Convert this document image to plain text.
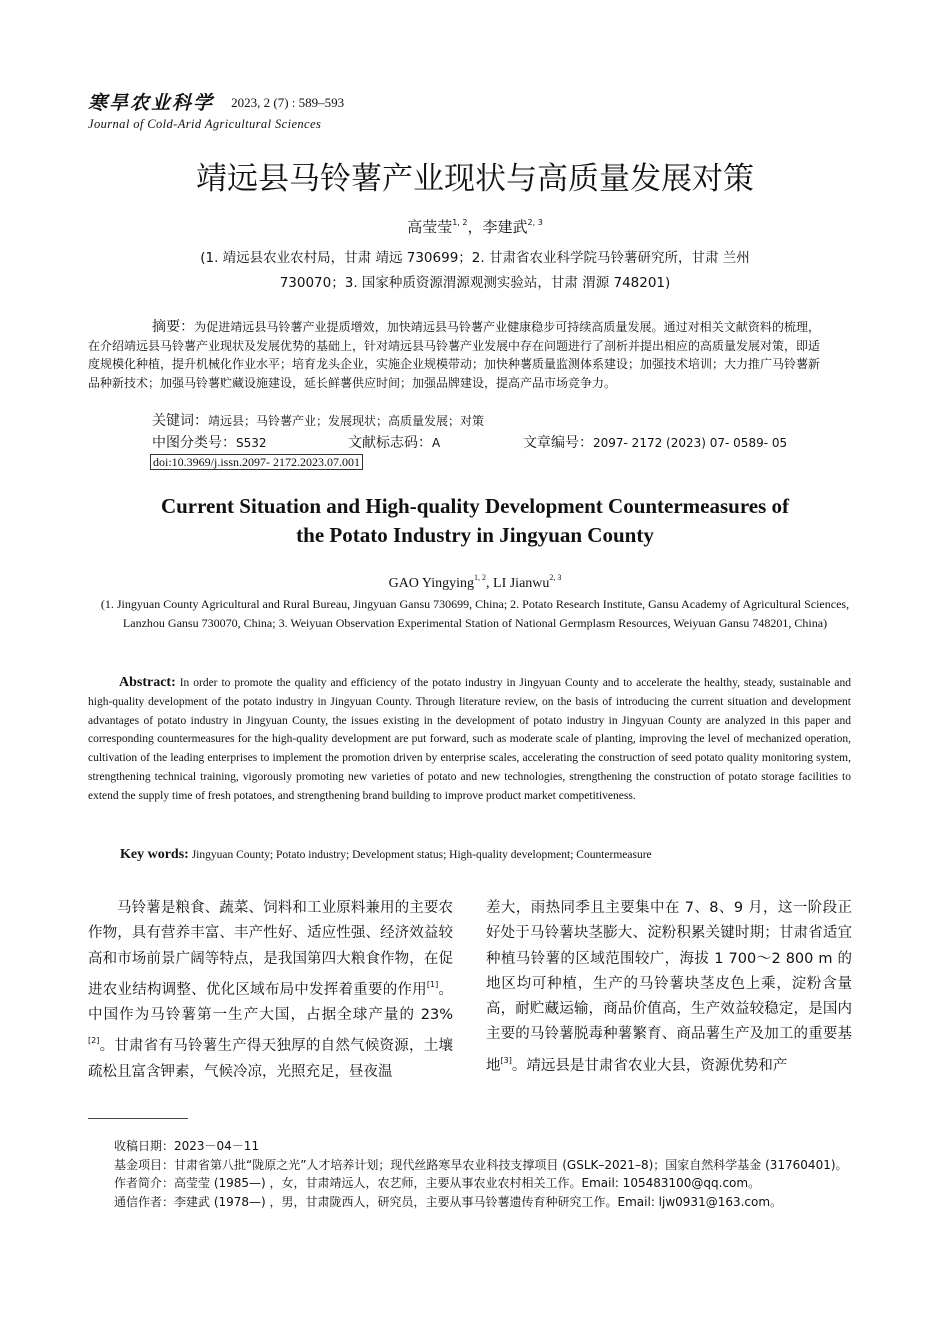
寒旱农业科学 2023, 2 (7) : 589–593
Journal of Cold-Arid Agricultural Sciences
靖远县马铃薯产业现状与高质量发展对策
高莹莹$^{1, 2}$，李建武$^{2, 3}$
(1. 靖远县农业农村局，甘肃 靖远 730699；2. 甘肃省农业科学院马铃薯研究所，甘肃 兰州
730070；3. 国家种质资源渭源观测实验站，甘肃 渭源 748201)
摘要：为促进靖远县马铃薯产业提质增效，加快靖远县马铃薯产业健康稳步可持续高质量发展。通过对相关文献资料的梳理，在介绍靖远县马铃薯产业现状及发展优势的基础上，针对靖远县马铃薯产业发展中存在问题进行了剖析并提出相应的高质量发展对策，即适度规模化种植，提升机械化作业水平；培育龙头企业，实施企业规模带动；加快种薯质量监测体系建设；加强技术培训；大力推广马铃薯新品种新技术；加强马铃薯贮藏设施建设，延长鲜薯供应时间；加强品牌建设，提高产品市场竞争力。
关键词：靖远县；马铃薯产业；发展现状；高质量发展；对策
中图分类号：S532	文献标志码：A	文章编号：2097- 2172 (2023) 07- 0589- 05
doi:10.3969/j.issn.2097- 2172.2023.07.001
Current Situation and High-quality Development Countermeasures of
the Potato Industry in Jingyuan County
GAO Yingying$^{1, 2}$, LI Jianwu$^{2, 3}$
(1. Jingyuan County Agricultural and Rural Bureau, Jingyuan Gansu 730699, China; 2. Potato Research Institute, Gansu Academy of Agricultural Sciences, Lanzhou Gansu 730070, China; 3. Weiyuan Observation Experimental Station of National Germplasm Resources, Weiyuan Gansu 748201, China)
Abstract: In order to promote the quality and efficiency of the potato industry in Jingyuan County and to accelerate the healthy, steady, sustainable and high-quality development of the potato industry in Jingyuan County. Through literature review, on the basis of introducing the current situation and development advantages of potato industry in Jingyuan County, the issues existing in the development of potato industry in Jingyuan County are analyzed in this paper and corresponding countermeasures for the high-quality development are put forward, such as moderate scale of planting, improving the level of mechanized operation, cultivation of the leading enterprises to implement the promotion driven by enterprise scales, accelerating the construction of seed potato quality monitoring system, strengthening technical training, vigorously promoting new varieties of potato and new technologies, strengthening the construction of potato storage facilities to extend the supply time of fresh potatoes, and strengthening brand building to improve product market competitiveness.
Key words: Jingyuan County; Potato industry; Development status; High-quality development; Countermeasure

马铃薯是粮食、蔬菜、饲料和工业原料兼用的主要农作物，具有营养丰富、丰产性好、适应性强、经济效益较高和市场前景广阔等特点，是我国第四大粮食作物，在促进农业结构调整、优化区域布局中发挥着重要的作用[1]。中国作为马铃薯第一生产大国，占据全球产量的 23%[2]。甘肃省有马铃薯生产得天独厚的自然气候资源，土壤疏松且富含钾素，气候冷凉，光照充足，昼夜温

差大，雨热同季且主要集中在 7、8、9 月，这一阶段正好处于马铃薯块茎膨大、淀粉积累关键时期；甘肃省适宜种植马铃薯的区域范围较广，海拔 1 700～2 800 m 的地区均可种植，生产的马铃薯块茎皮色上乘，淀粉含量高，耐贮藏运输，商品价值高，生产效益较稳定，是国内主要的马铃薯脱毒种薯繁育、商品薯生产及加工的重要基地[3]。靖远县是甘肃省农业大县，资源优势和产

收稿日期：2023－04－11
基金项目：甘肃省第八批“陇原之光”人才培养计划；现代丝路寒旱农业科技支撑项目 (GSLK–2021–8)；国家自然科学基金 (31760401)。
作者简介：高莹莹 (1985—) ，女，甘肃靖远人，农艺师，主要从事农业农村相关工作。Email: 105483100@qq.com。
通信作者：李建武 (1978—) ，男，甘肃陇西人，研究员，主要从事马铃薯遗传育种研究工作。Email: ljw0931@163.com。
